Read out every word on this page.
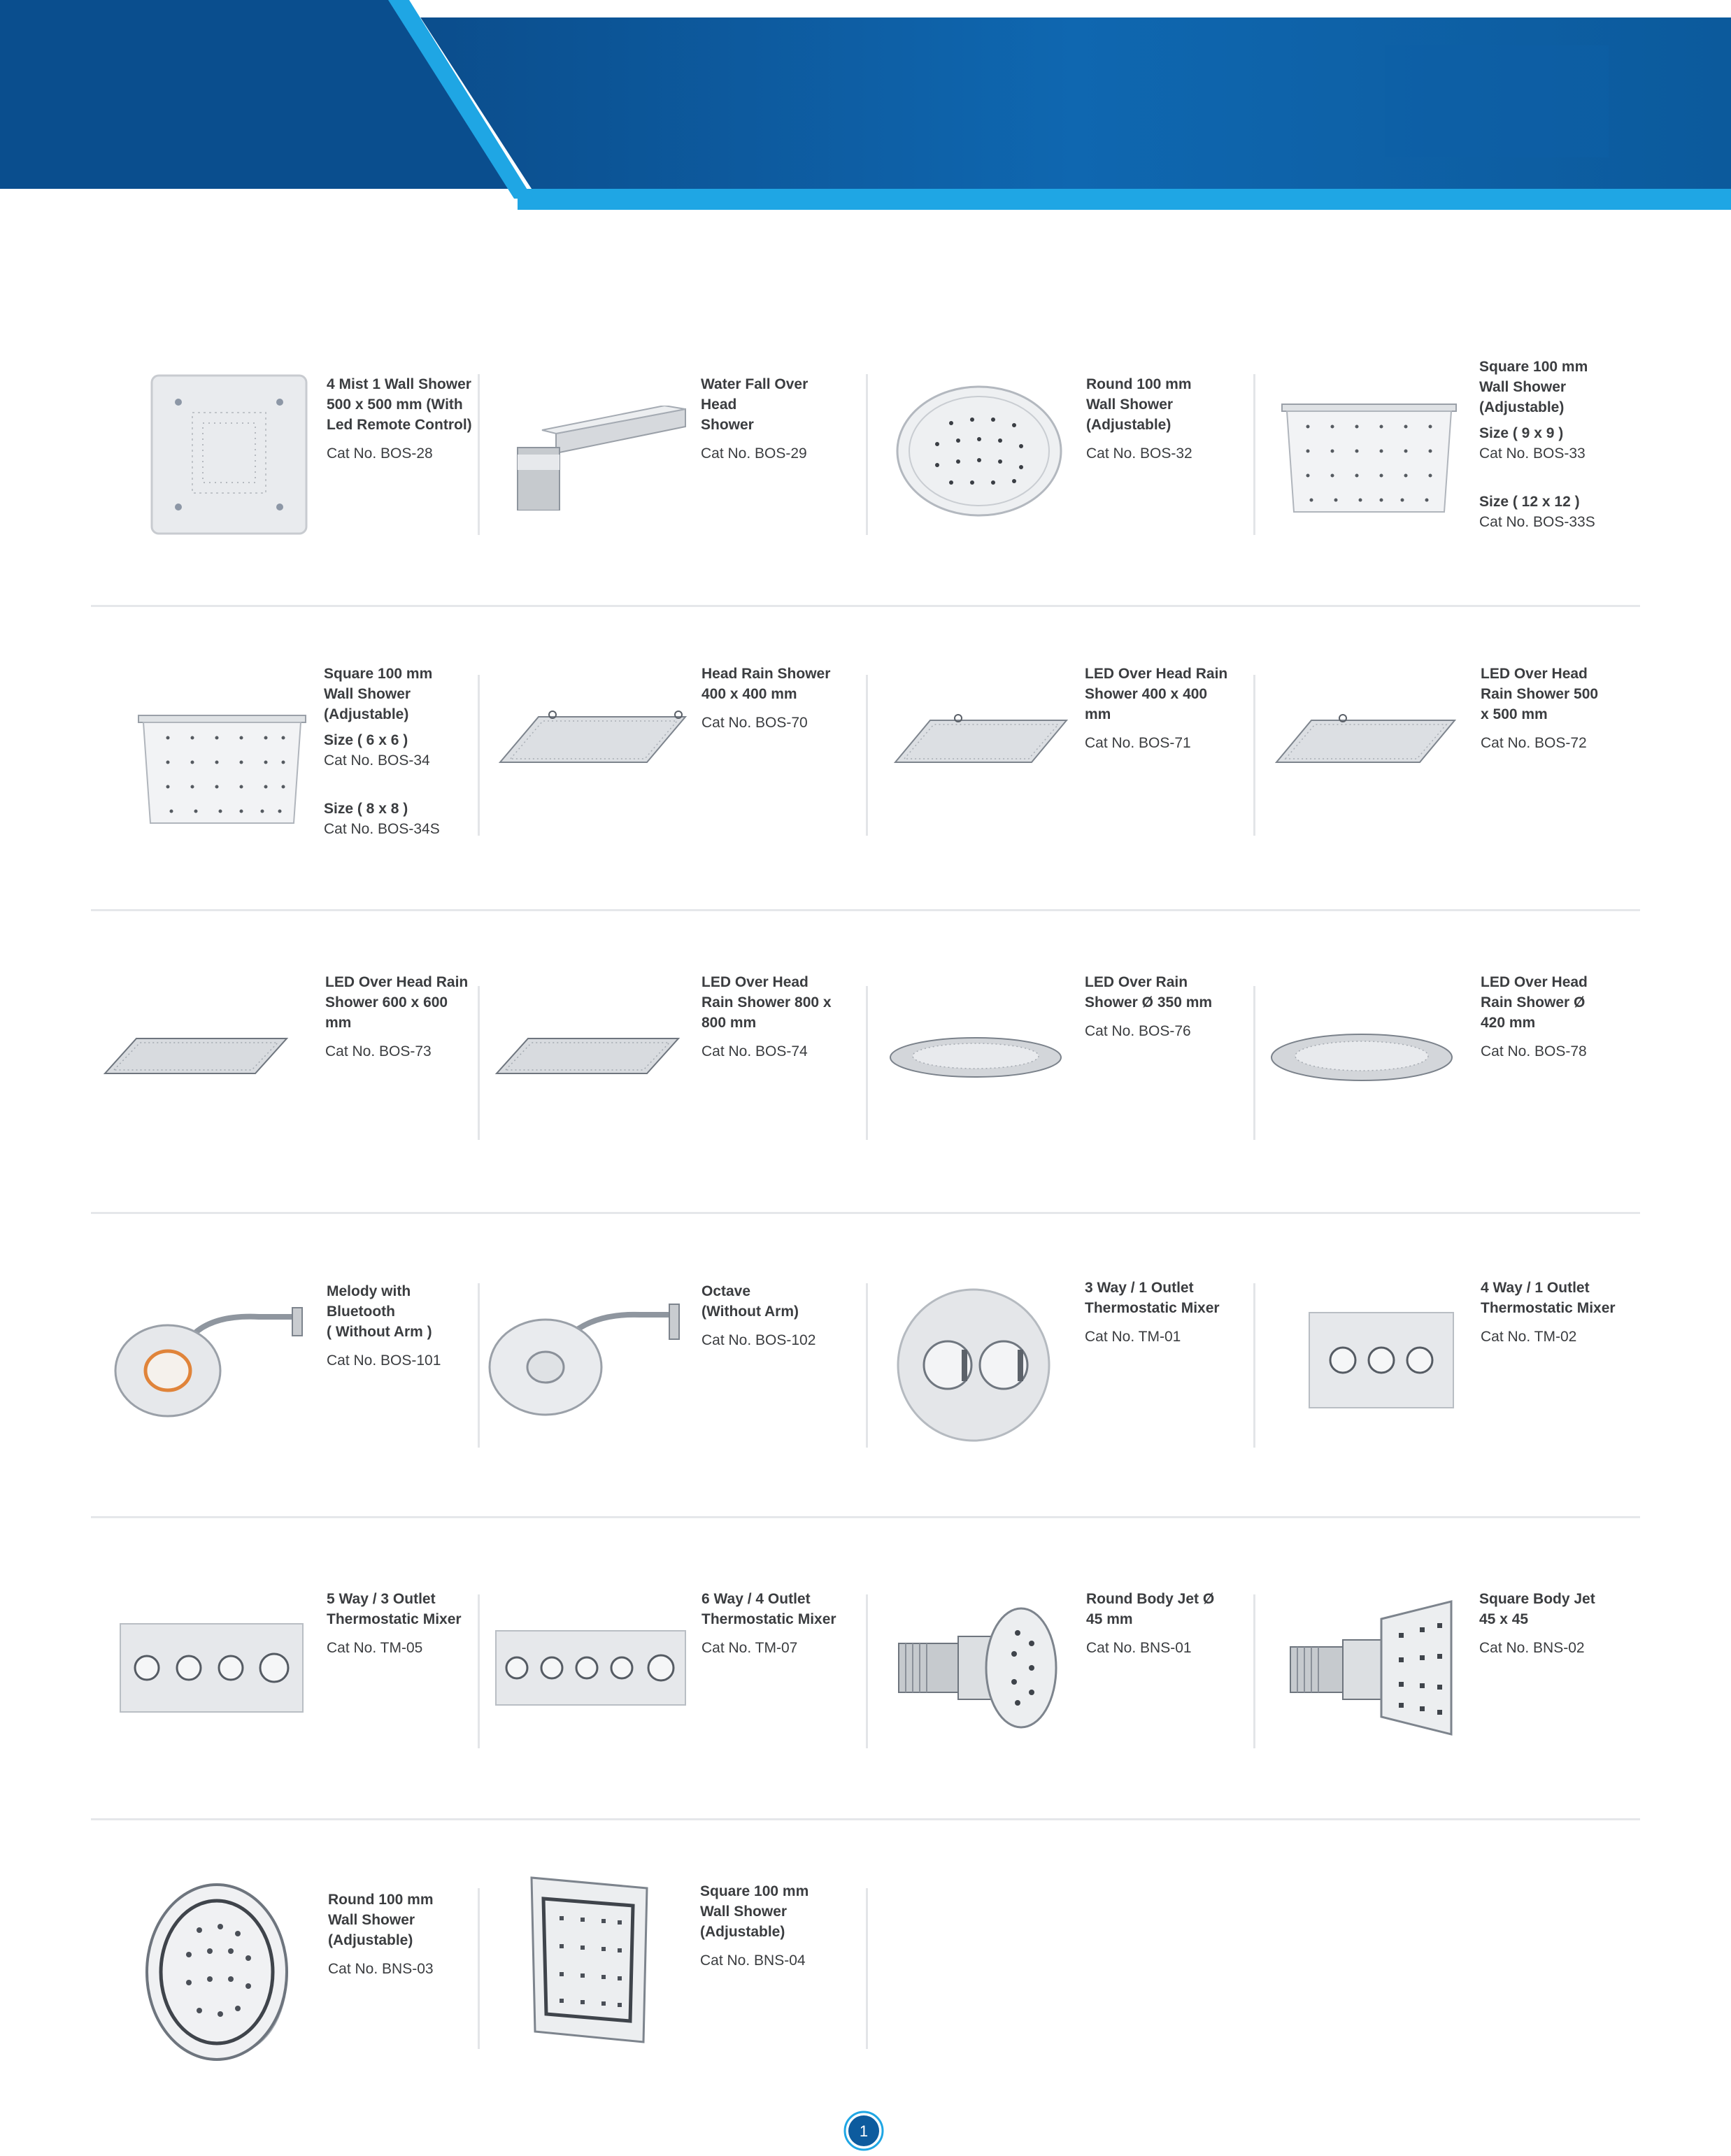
4 Mist 1 Wall Shower
500 x 500 mm (With
Led Remote Control)
Cat No. BOS-28
Water Fall Over Head
Shower
Cat No. BOS-29
Round 100 mm
Wall Shower
(Adjustable)
Cat No. BOS-32
Square 100 mm
Wall Shower
(Adjustable)
Size ( 9 x 9 )
Cat No. BOS-33
Size ( 12 x 12 )
Cat No. BOS-33S
Square 100 mm
Wall Shower
(Adjustable)
Size ( 6 x 6 )
Cat No. BOS-34
Size ( 8 x 8 )
Cat No. BOS-34S
Head Rain Shower
400 x 400 mm
Cat No. BOS-70
LED Over Head Rain
Shower 400 x 400
mm
Cat No. BOS-71
LED Over Head
Rain Shower 500
x 500 mm
Cat No. BOS-72
LED Over Head Rain
Shower 600 x 600
mm
Cat No. BOS-73
LED Over Head
Rain Shower 800 x
800 mm
Cat No. BOS-74
LED Over Rain
Shower Ø 350 mm
Cat No. BOS-76
LED Over Head
Rain Shower Ø
420 mm
Cat No. BOS-78
Melody with
Bluetooth
( Without Arm )
Cat No. BOS-101
Octave
(Without Arm)
Cat No. BOS-102
3 Way / 1 Outlet
Thermostatic Mixer
Cat No. TM-01
4 Way / 1 Outlet
Thermostatic Mixer
Cat No. TM-02
5 Way / 3 Outlet
Thermostatic Mixer
Cat No. TM-05
6 Way / 4 Outlet
Thermostatic Mixer
Cat No. TM-07
Round Body Jet Ø
45 mm
Cat No. BNS-01
Square Body Jet
45 x 45
Cat No. BNS-02
Round 100 mm
Wall Shower
(Adjustable)
Cat No. BNS-03
Square 100 mm
Wall Shower
(Adjustable)
Cat No. BNS-04
1
